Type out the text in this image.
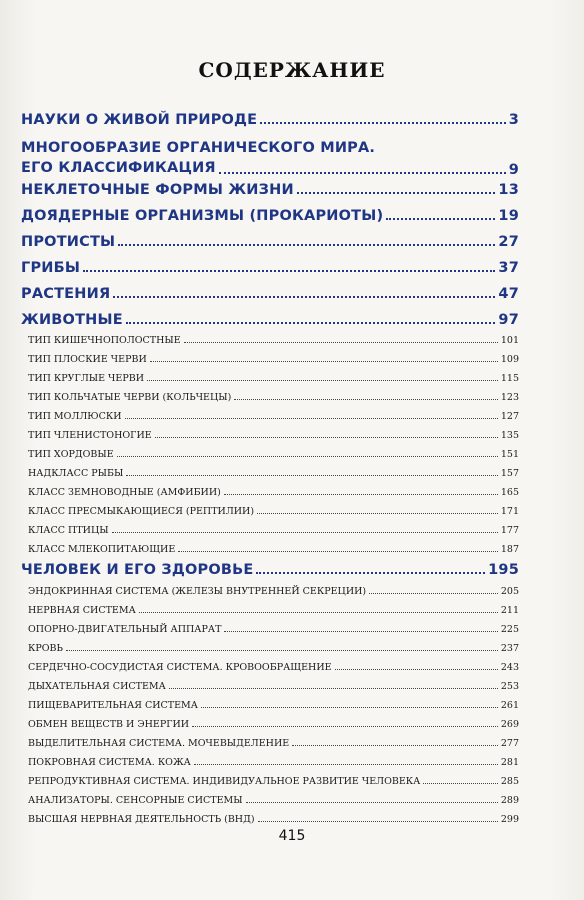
СОДЕРЖАНИЕ
НАУКИ О ЖИВОЙ ПРИРОДЕ	3
МНОГООБРАЗИЕ ОРГАНИЧЕСКОГО МИРА.
ЕГО КЛАССИФИКАЦИЯ	9
НЕКЛЕТОЧНЫЕ ФОРМЫ ЖИЗНИ	13
ДОЯДЕРНЫЕ ОРГАНИЗМЫ (ПРОКАРИОТЫ)	19
ПРОТИСТЫ	27
ГРИБЫ	37
РАСТЕНИЯ	47
ЖИВОТНЫЕ	97
ТИП КИШЕЧНОПОЛОСТНЫЕ	101
ТИП ПЛОСКИЕ ЧЕРВИ	109
ТИП КРУГЛЫЕ ЧЕРВИ	115
ТИП КОЛЬЧАТЫЕ ЧЕРВИ (КОЛЬЧЕЦЫ)	123
ТИП МОЛЛЮСКИ	127
ТИП ЧЛЕНИСТОНОГИЕ	135
ТИП ХОРДОВЫЕ	151
НАДКЛАСС РЫБЫ	157
КЛАСС ЗЕМНОВОДНЫЕ (АМФИБИИ)	165
КЛАСС ПРЕСМЫКАЮЩИЕСЯ (РЕПТИЛИИ)	171
КЛАСС ПТИЦЫ	177
КЛАСС МЛЕКОПИТАЮЩИЕ	187
ЧЕЛОВЕК И ЕГО ЗДОРОВЬЕ	195
ЭНДОКРИННАЯ СИСТЕМА (ЖЕЛЕЗЫ ВНУТРЕННЕЙ СЕКРЕЦИИ)	205
НЕРВНАЯ СИСТЕМА	211
ОПОРНО-ДВИГАТЕЛЬНЫЙ АППАРАТ	225
КРОВЬ	237
СЕРДЕЧНО-СОСУДИСТАЯ СИСТЕМА. КРОВООБРАЩЕНИЕ	243
ДЫХАТЕЛЬНАЯ СИСТЕМА	253
ПИЩЕВАРИТЕЛЬНАЯ СИСТЕМА	261
ОБМЕН ВЕЩЕСТВ И ЭНЕРГИИ	269
ВЫДЕЛИТЕЛЬНАЯ СИСТЕМА. МОЧЕВЫДЕЛЕНИЕ	277
ПОКРОВНАЯ СИСТЕМА. КОЖА	281
РЕПРОДУКТИВНАЯ СИСТЕМА. ИНДИВИДУАЛЬНОЕ РАЗВИТИЕ ЧЕЛОВЕКА	285
АНАЛИЗАТОРЫ. СЕНСОРНЫЕ СИСТЕМЫ	289
ВЫСШАЯ НЕРВНАЯ ДЕЯТЕЛЬНОСТЬ (ВНД)	299
415
